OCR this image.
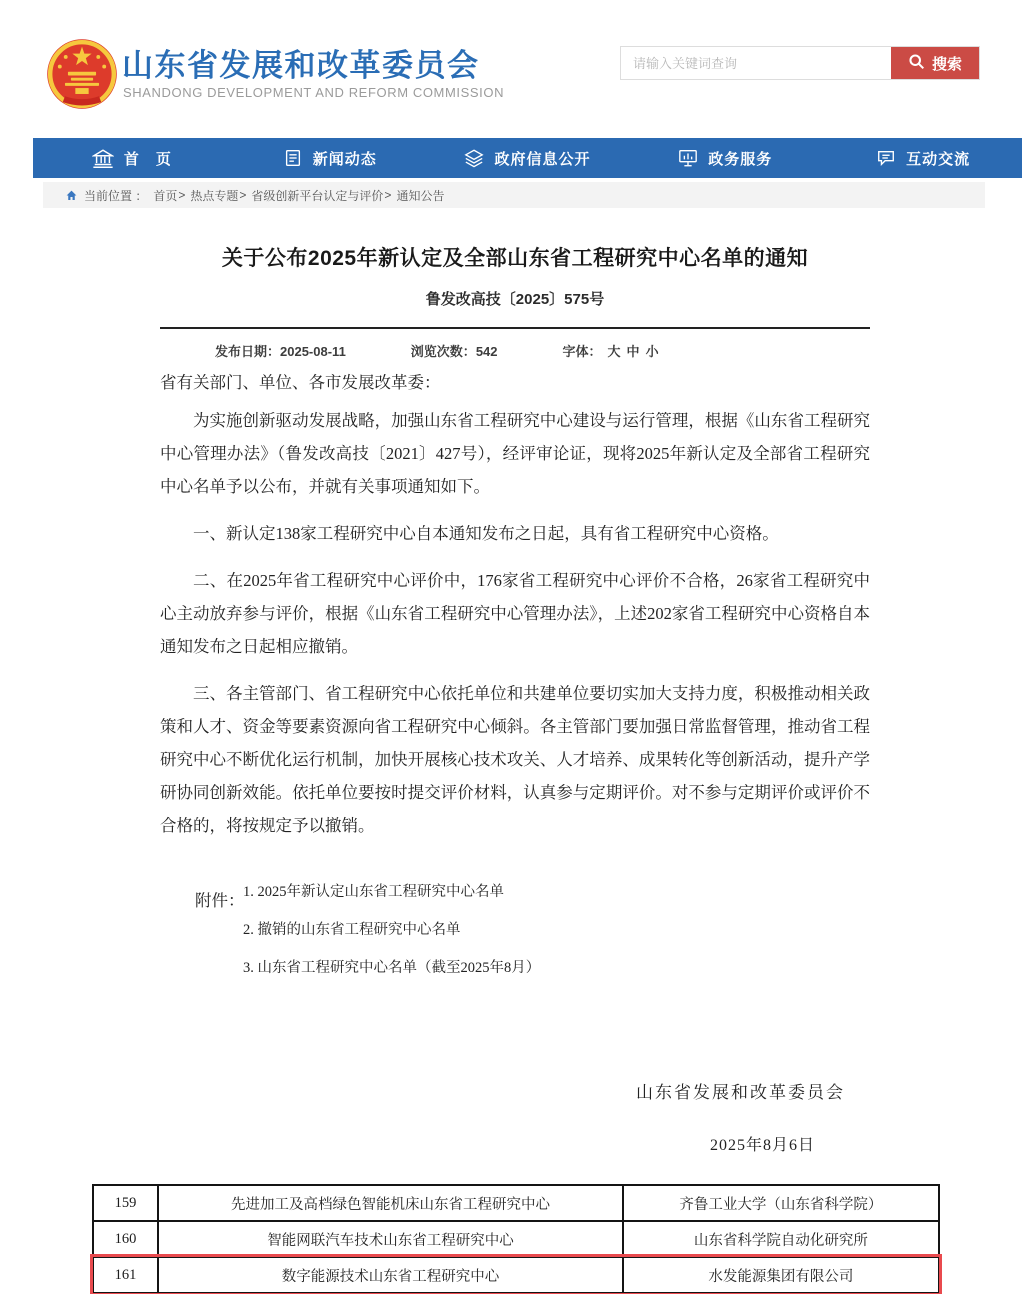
山东省发展和改革委员会
SHANDONG DEVELOPMENT AND REFORM COMMISSION
请输入关键词查询
搜索
首　页	新闻动态	政府信息公开	政务服务	互动交流
当前位置 ： 首页 > 热点专题 > 省级创新平台认定与评价 > 通知公告
关于公布2025年新认定及全部山东省工程研究中心名单的通知
鲁发改高技〔2025〕575号
发布日期：2025-08-11	浏览次数：542	字体： 大 中 小

省有关部门、单位、各市发展改革委：

为实施创新驱动发展战略，加强山东省工程研究中心建设与运行管理，根据《山东省工程研究中心管理办法》（鲁发改高技〔2021〕427号），经评审论证，现将2025年新认定及全部省工程研究中心名单予以公布，并就有关事项通知如下。

一、新认定138家工程研究中心自本通知发布之日起，具有省工程研究中心资格。

二、在2025年省工程研究中心评价中，176家省工程研究中心评价不合格，26家省工程研究中心主动放弃参与评价，根据《山东省工程研究中心管理办法》，上述202家省工程研究中心资格自本通知发布之日起相应撤销。

三、各主管部门、省工程研究中心依托单位和共建单位要切实加大支持力度，积极推动相关政策和人才、资金等要素资源向省工程研究中心倾斜。各主管部门要加强日常监督管理，推动省工程研究中心不断优化运行机制，加快开展核心技术攻关、人才培养、成果转化等创新活动，提升产学研协同创新效能。依托单位要按时提交评价材料，认真参与定期评价。对不参与定期评价或评价不合格的，将按规定予以撤销。

附件：
1. 2025年新认定山东省工程研究中心名单
2. 撤销的山东省工程研究中心名单
3. 山东省工程研究中心名单（截至2025年8月）
山东省发展和改革委员会
2025年8月6日
159	先进加工及高档绿色智能机床山东省工程研究中心	齐鲁工业大学（山东省科学院）
160	智能网联汽车技术山东省工程研究中心	山东省科学院自动化研究所
161	数字能源技术山东省工程研究中心	水发能源集团有限公司
